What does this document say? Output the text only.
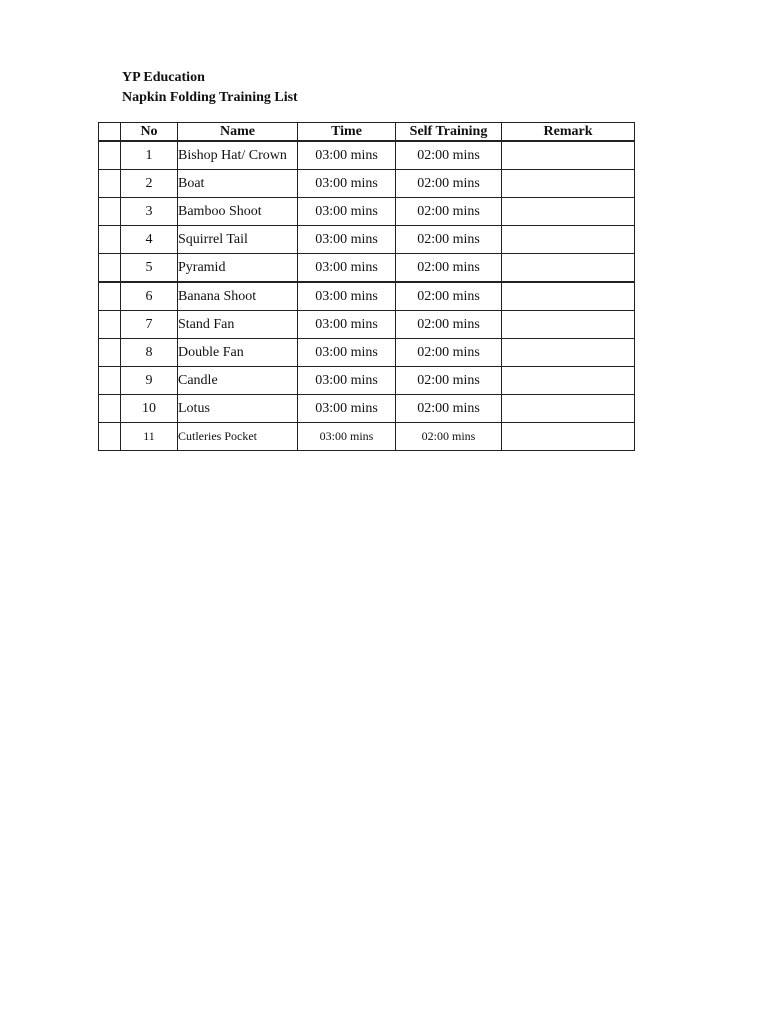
YP Education
Napkin Folding Training List
	No	Name	Time	Self Training	Remark
	1	Bishop Hat/ Crown	03:00 mins	02:00 mins	
	2	Boat	03:00 mins	02:00 mins	
	3	Bamboo Shoot	03:00 mins	02:00 mins	
	4	Squirrel Tail	03:00 mins	02:00 mins	
	5	Pyramid	03:00 mins	02:00 mins	
	6	Banana Shoot	03:00 mins	02:00 mins	
	7	Stand Fan	03:00 mins	02:00 mins	
	8	Double Fan	03:00 mins	02:00 mins	
	9	Candle	03:00 mins	02:00 mins	
	10	Lotus	03:00 mins	02:00 mins	
	11	Cutleries Pocket	03:00 mins	02:00 mins	
